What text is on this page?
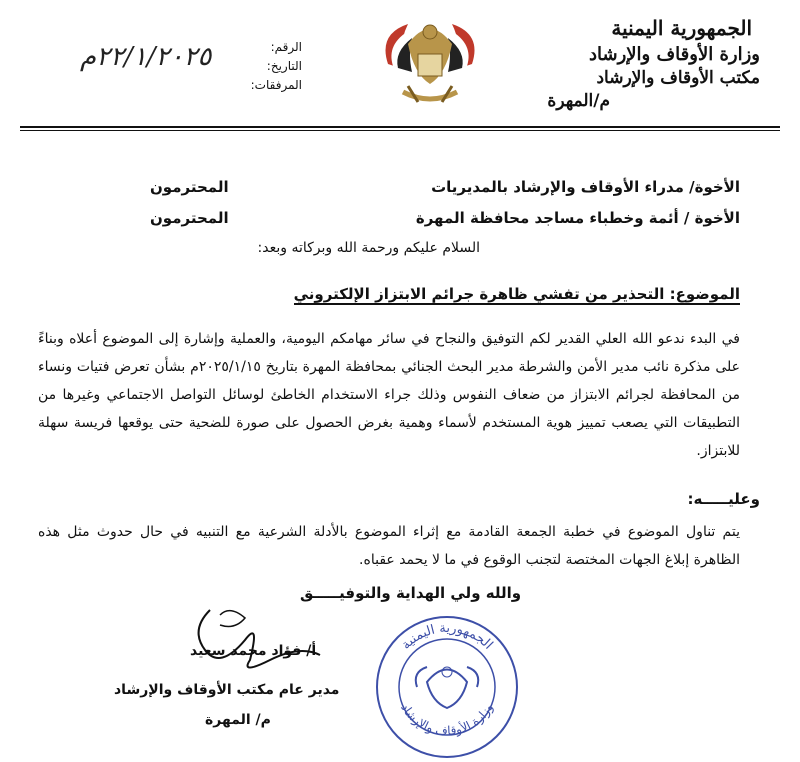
الجمهورية اليمنية
وزارة الأوقاف والإرشاد
مكتب الأوقاف والإرشاد
م/المهرة
الرقم:
التاريخ:
المرفقات:
٢٢/١/٢٠٢٥م
الأخوة/ مدراء الأوقاف والإرشاد بالمديريات
المحترمون
الأخوة / أئمة وخطباء مساجد محافظة المهرة
المحترمون
السلام عليكم ورحمة الله وبركاته وبعد:
الموضوع: التحذير من تفشي ظاهرة جرائم الابتزاز الإلكتروني
في البدء ندعو الله العلي القدير لكم التوفيق والنجاح في سائر مهامكم اليومية، والعملية وإشارة إلى الموضوع أعلاه وبناءً على مذكرة نائب مدير الأمن والشرطة مدير البحث الجنائي بمحافظة المهرة بتاريخ ٢٠٢٥/١/١٥م بشأن تعرض فتيات ونساء من المحافظة لجرائم الابتزاز من ضعاف النفوس وذلك جراء الاستخدام الخاطئ لوسائل التواصل الاجتماعي وغيرها من التطبيقات التي يصعب تمييز هوية المستخدم لأسماء وهمية بغرض الحصول على صورة للضحية حتى يوقعها فريسة سهلة للابتزاز.
وعليـــــه:
يتم تناول الموضوع في خطبة الجمعة القادمة مع إثراء الموضوع بالأدلة الشرعية مع التنبيه في حال حدوث مثل هذه الظاهرة إبلاغ الجهات المختصة لتجنب الوقوع في ما لا يحمد عقباه.
والله ولي الهداية والتوفيـــــق
أ/ فؤاد محمد سعيد
مدير عام مكتب الأوقاف والإرشاد
م/ المهرة
الجمهورية اليمنية
وزارة الأوقاف والإرشاد
